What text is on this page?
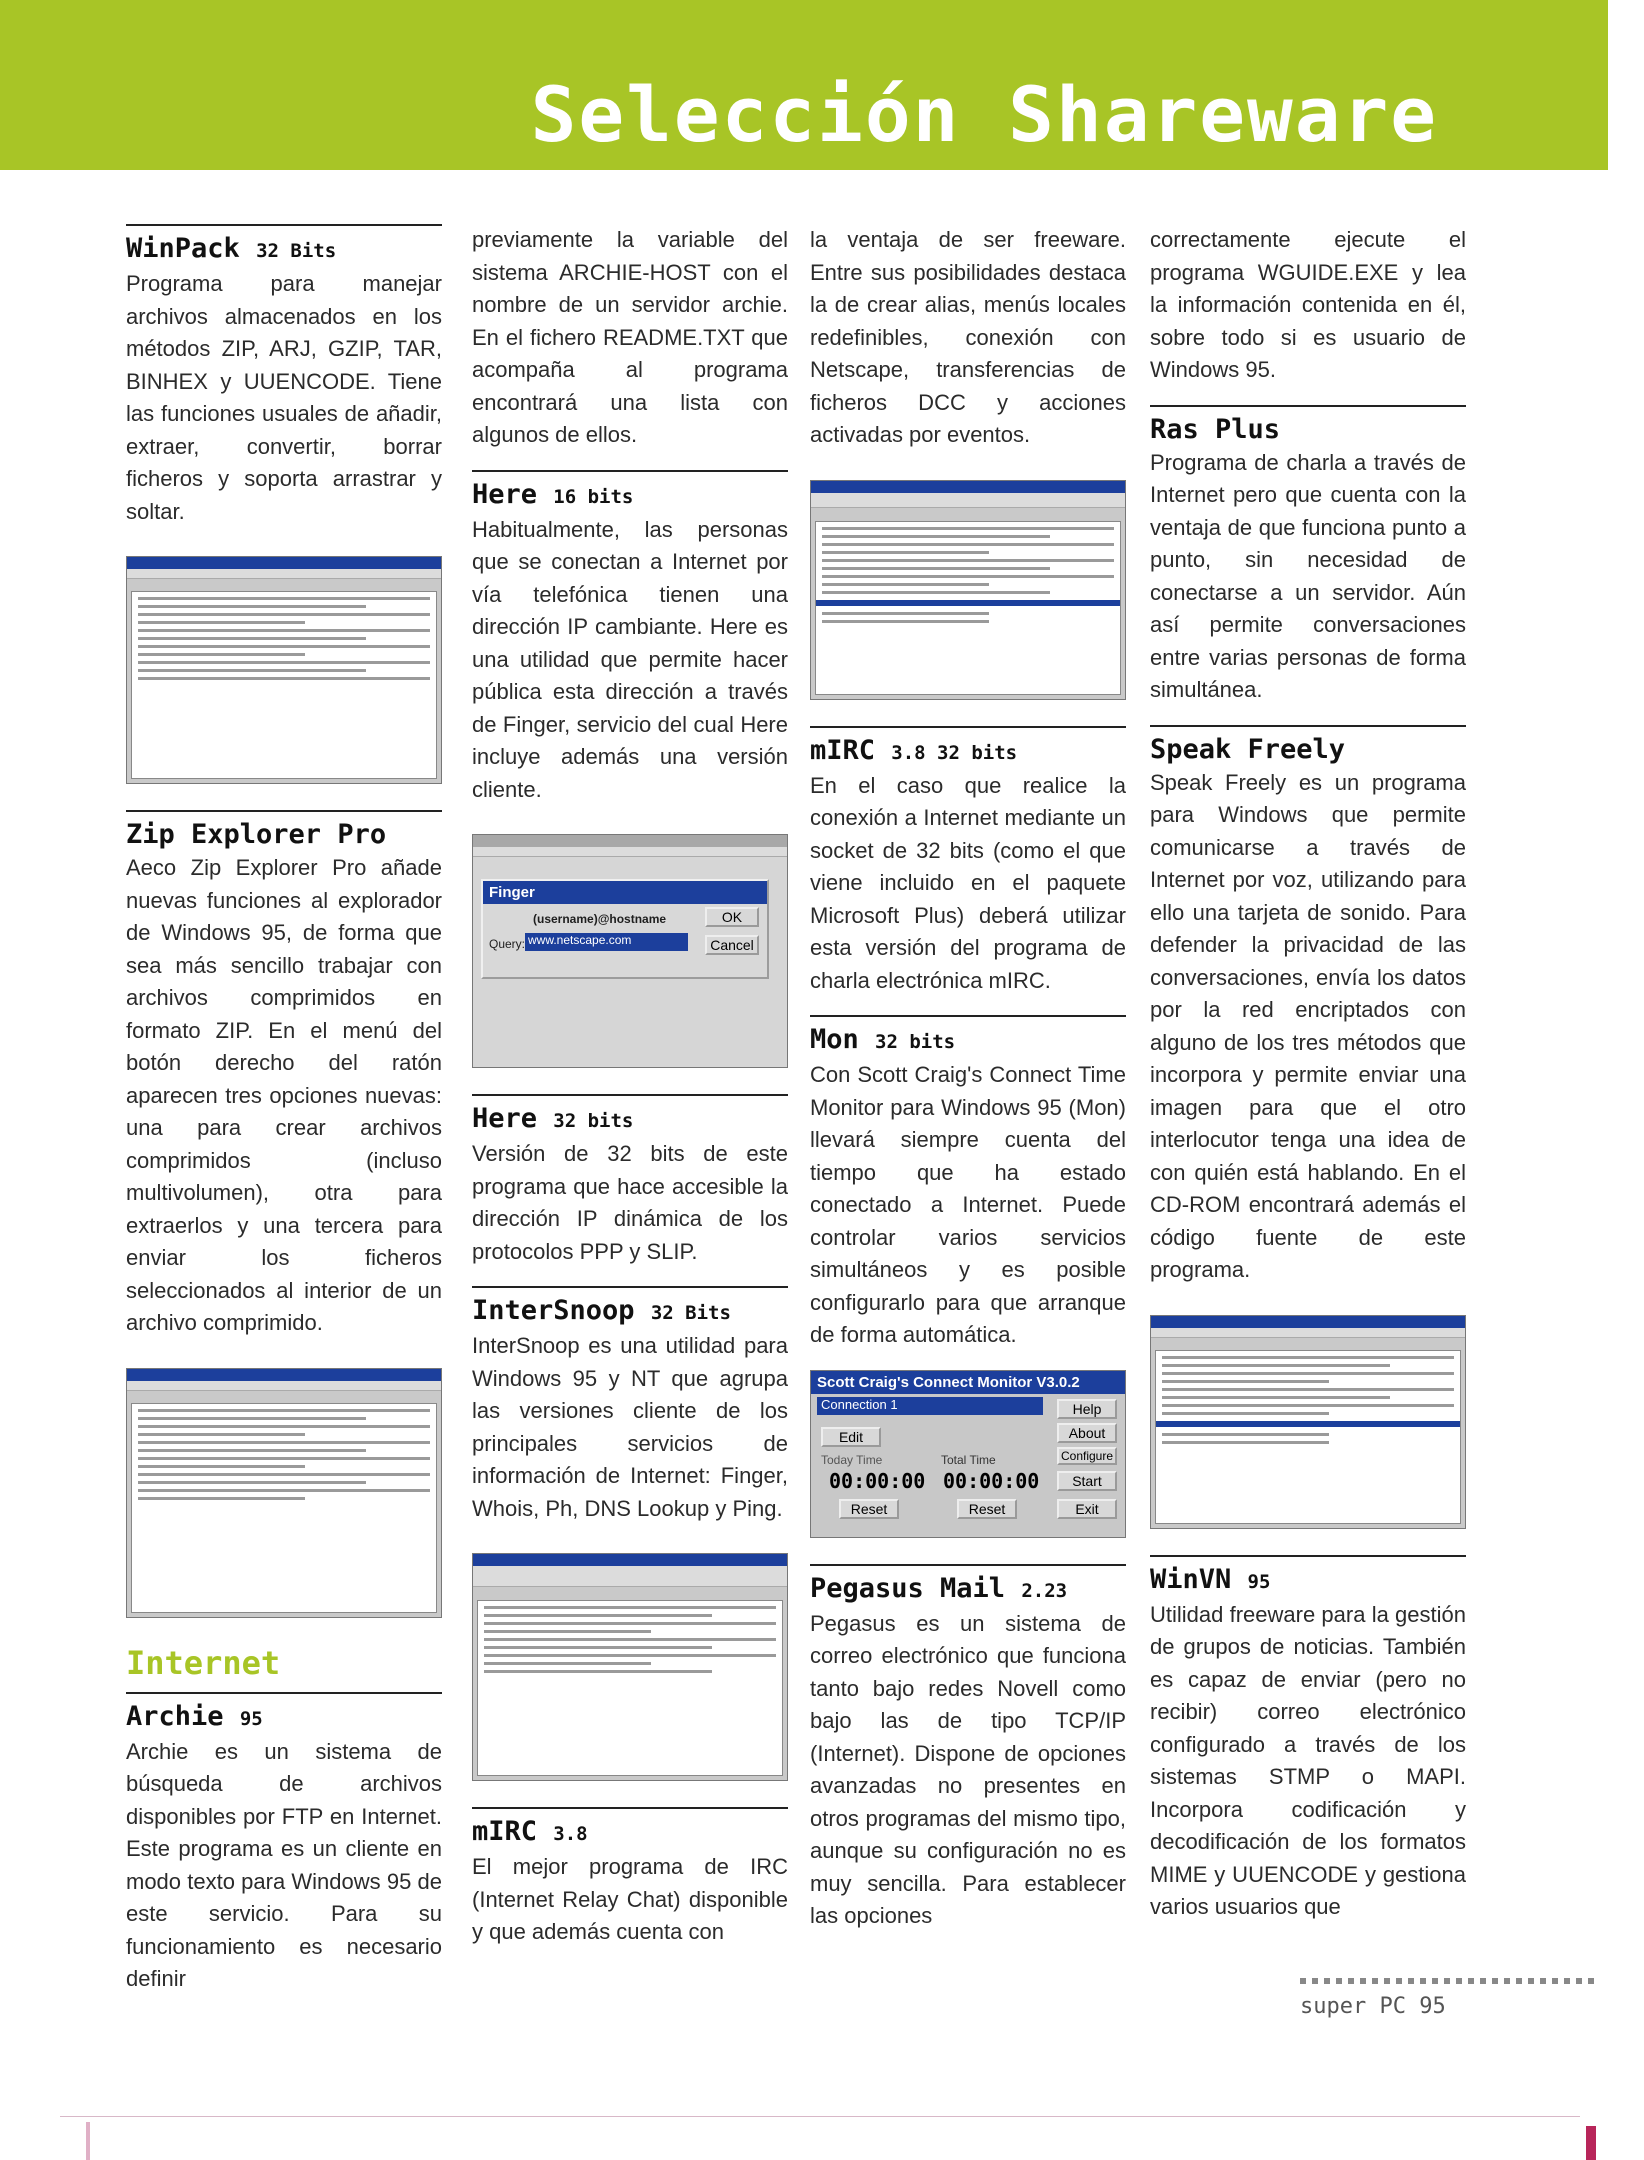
Selección Shareware
WinPack 32 Bits

Programa para manejar archivos almacenados en los métodos ZIP, ARJ, GZIP, TAR, BINHEX y UUENCODE. Tiene las funciones usuales de añadir, extraer, convertir, borrar ficheros y soporta arrastrar y soltar.

Zip Explorer Pro

Aeco Zip Explorer Pro añade nuevas funciones al explorador de Windows 95, de forma que sea más sencillo trabajar con archivos comprimidos en formato ZIP. En el menú del botón derecho del ratón aparecen tres opciones nuevas: una para crear archivos comprimidos (incluso multivolumen), otra para extraerlos y una tercera para enviar los ficheros seleccionados al interior de un archivo comprimido.

Internet
Archie 95

Archie es un sistema de búsqueda de archivos disponibles por FTP en Internet. Este programa es un cliente en modo texto para Windows 95 de este servicio. Para su funcionamiento es necesario definir

previamente la variable del sistema ARCHIE-HOST con el nombre de un servidor archie. En el fichero README.TXT que acompaña al programa encontrará una lista con algunos de ellos.

Here 16 bits

Habitualmente, las personas que se conectan a Internet por vía telefónica tienen una dirección IP cambiante. Here es una utilidad que permite hacer pública esta dirección a través de Finger, servicio del cual Here incluye además una versión cliente.

Finger
(username)@hostname
Query: www.netscape.com
OK
Cancel
Here 32 bits

Versión de 32 bits de este programa que hace accesible la dirección IP dinámica de los protocolos PPP y SLIP.

InterSnoop 32 Bits

InterSnoop es una utilidad para Windows 95 y NT que agrupa las versiones cliente de los principales servicios de información de Internet: Finger, Whois, Ph, DNS Lookup y Ping.

mIRC 3.8

El mejor programa de IRC (Internet Relay Chat) disponible y que además cuenta con

la ventaja de ser freeware. Entre sus posibilidades destaca la de crear alias, menús locales redefinibles, conexión con Netscape, transferencias de ficheros DCC y acciones activadas por eventos.

mIRC 3.8 32 bits

En el caso que realice la conexión a Internet mediante un socket de 32 bits (como el que viene incluido en el paquete Microsoft Plus) deberá utilizar esta versión del programa de charla electrónica mIRC.

Mon 32 bits

Con Scott Craig's Connect Time Monitor para Windows 95 (Mon) llevará siempre cuenta del tiempo que ha estado conectado a Internet. Puede controlar varios servicios simultáneos y es posible configurarlo para que arranque de forma automática.

Scott Craig's Connect Monitor V3.0.2
Connection 1
Edit
Today Time	Total Time
00:00:00 00:00:00
Reset	Reset
Help
About
Configure
Start
Exit
Pegasus Mail 2.23

Pegasus es un sistema de correo electrónico que funciona tanto bajo redes Novell como bajo las de tipo TCP/IP (Internet). Dispone de opciones avanzadas no presentes en otros programas del mismo tipo, aunque su configuración no es muy sencilla. Para establecer las opciones

correctamente ejecute el programa WGUIDE.EXE y lea la información contenida en él, sobre todo si es usuario de Windows 95.

Ras Plus

Programa de charla a través de Internet pero que cuenta con la ventaja de que funciona punto a punto, sin necesidad de conectarse a un servidor. Aún así permite conversaciones entre varias personas de forma simultánea.

Speak Freely

Speak Freely es un programa para Windows que permite comunicarse a través de Internet por voz, utilizando para ello una tarjeta de sonido. Para defender la privacidad de las conversaciones, envía los datos por la red encriptados con alguno de los tres métodos que incorpora y permite enviar una imagen para que el otro interlocutor tenga una idea de con quién está hablando. En el CD-ROM encontrará además el código fuente de este programa.

WinVN 95

Utilidad freeware para la gestión de grupos de noticias. También es capaz de enviar (pero no recibir) correo electrónico configurado a través de los sistemas STMP o MAPI. Incorpora codificación y decodificación de los formatos MIME y UUENCODE y gestiona varios usuarios que

super PC 95
